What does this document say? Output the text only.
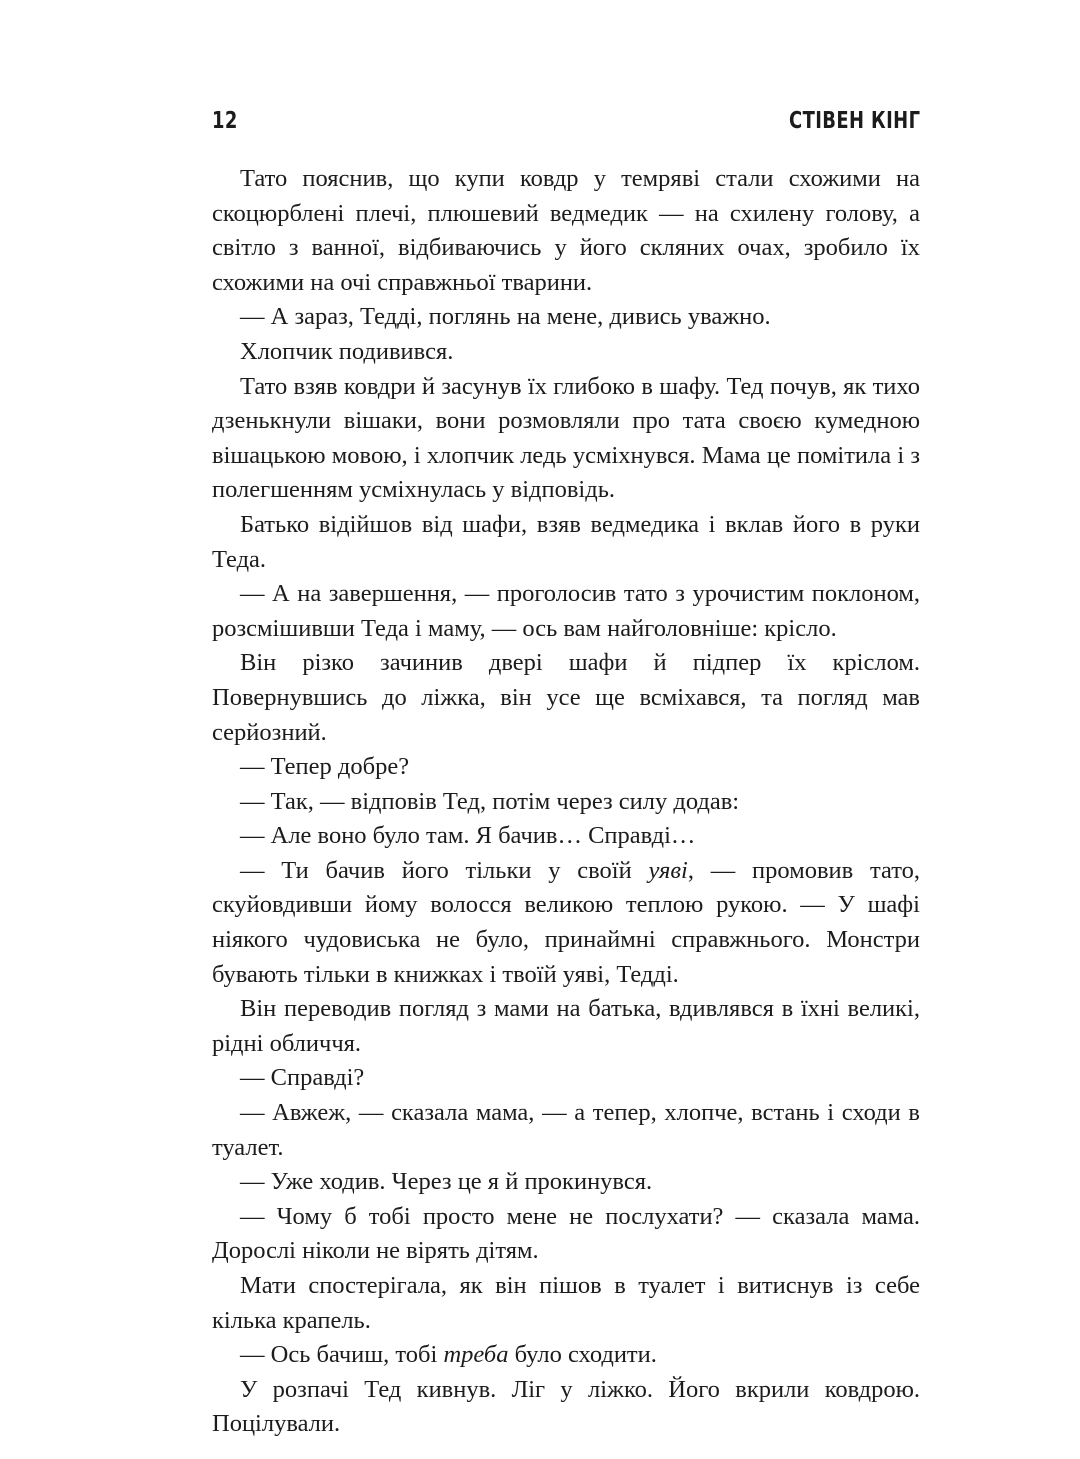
12	СТІВЕН КІНГ

Тато пояснив, що купи ковдр у темряві стали схожими на скоцюрблені плечі, плюшевий ведмедик — на схилену голову, а світло з ванної, відбиваючись у його скляних очах, зробило їх схожими на очі справжньої тварини.

— А зараз, Тедді, поглянь на мене, дивись уважно.

Хлопчик подивився.

Тато взяв ковдри й засунув їх глибоко в шафу. Тед почув, як тихо дзенькнули вішаки, вони розмовляли про тата своєю кумедною вішацькою мовою, і хлопчик ледь усміхнувся. Мама це помітила і з полегшенням усміхнулась у відповідь.

Батько відійшов від шафи, взяв ведмедика і вклав його в руки Теда.

— А на завершення, — проголосив тато з урочистим поклоном, розсмішивши Теда і маму, — ось вам найголовніше: крісло.

Він різко зачинив двері шафи й підпер їх кріслом. Повернувшись до ліжка, він усе ще всміхався, та погляд мав серйозний.

— Тепер добре?

— Так, — відповів Тед, потім через силу додав:

— Але воно було там. Я бачив… Справді…

— Ти бачив його тільки у своїй уяві, — промовив тато, скуйовдивши йому волосся великою теплою рукою. — У шафі ніякого чудовиська не було, принаймні справжнього. Монстри бувають тільки в книжках і твоїй уяві, Тедді.

Він переводив погляд з мами на батька, вдивлявся в їхні великі, рідні обличчя.

— Справді?

— Авжеж, — сказала мама, — а тепер, хлопче, встань і сходи в туалет.

— Уже ходив. Через це я й прокинувся.

— Чому б тобі просто мене не послухати? — сказала мама. Дорослі ніколи не вірять дітям.

Мати спостерігала, як він пішов в туалет і витиснув із себе кілька крапель.

— Ось бачиш, тобі треба було сходити.

У розпачі Тед кивнув. Ліг у ліжко. Його вкрили ковдрою. Поцілували.
